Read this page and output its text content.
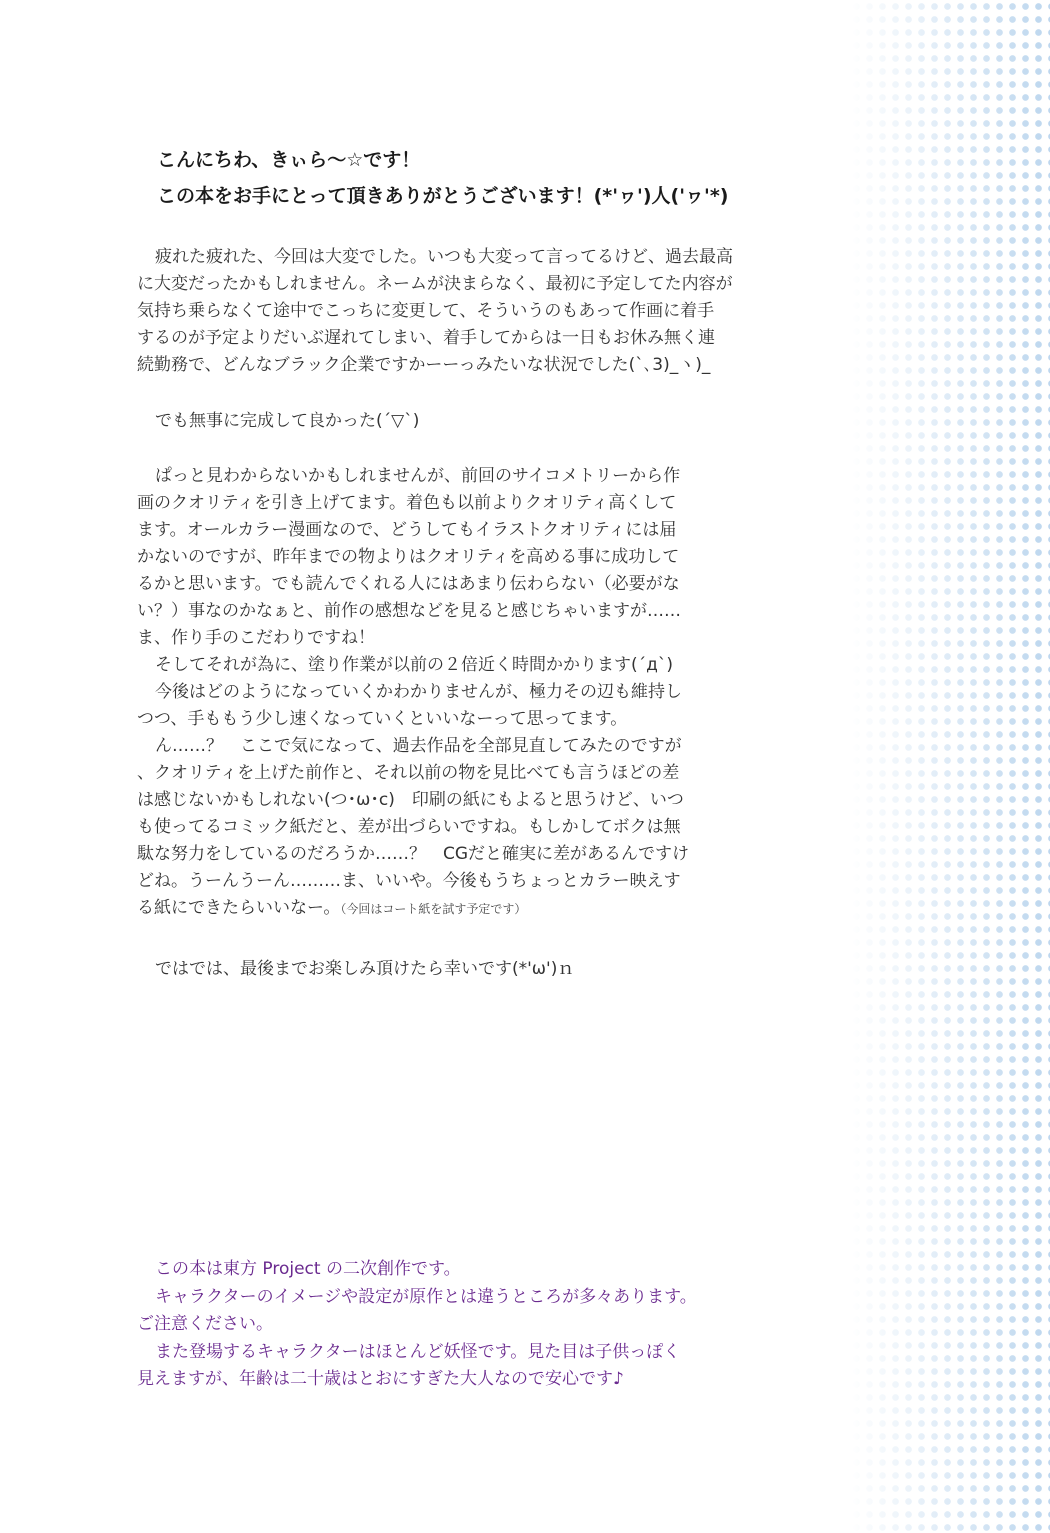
こんにちわ、きぃら～☆です！
この本をお手にとって頂きありがとうございます！(*'ヮ')人('ヮ'*)
疲れた疲れた、今回は大変でした。いつも大変って言ってるけど、過去最高
に大変だったかもしれません。ネームが決まらなく、最初に予定してた内容が
気持ち乗らなくて途中でこっちに変更して、そういうのもあって作画に着手
するのが予定よりだいぶ遅れてしまい、着手してからは一日もお休み無く連
続勤務で、どんなブラック企業ですかーーっみたいな状況でした(`､3)_ヽ)_
でも無事に完成して良かった(´▽`)
ぱっと見わからないかもしれませんが、前回のサイコメトリーから作
画のクオリティを引き上げてます。着色も以前よりクオリティ高くして
ます。オールカラー漫画なので、どうしてもイラストクオリティには届
かないのですが、昨年までの物よりはクオリティを高める事に成功して
るかと思います。でも読んでくれる人にはあまり伝わらない（必要がな
い？）事なのかなぁと、前作の感想などを見ると感じちゃいますが……
ま、作り手のこだわりですね！
そしてそれが為に、塗り作業が以前の２倍近く時間かかります(´д`)
今後はどのようになっていくかわかりませんが、極力その辺も維持し
つつ、手ももう少し速くなっていくといいなーって思ってます。
ん……？　ここで気になって、過去作品を全部見直してみたのですが
、クオリティを上げた前作と、それ以前の物を見比べても言うほどの差
は感じないかもしれない(つ･ω･c)　印刷の紙にもよると思うけど、いつ
も使ってるコミック紙だと、差が出づらいですね。もしかしてボクは無
駄な努力をしているのだろうか……？　CGだと確実に差があるんですけ
どね。うーんうーん………ま、いいや。今後もうちょっとカラー映えす
る紙にできたらいいなー。（今回はコート紙を試す予定です）
ではでは、最後までお楽しみ頂けたら幸いです(*'ω')ｎ
この本は東方 Project の二次創作です。
キャラクターのイメージや設定が原作とは違うところが多々あります。
ご注意ください。
また登場するキャラクターはほとんど妖怪です。見た目は子供っぽく
見えますが、年齢は二十歳はとおにすぎた大人なので安心です♪
